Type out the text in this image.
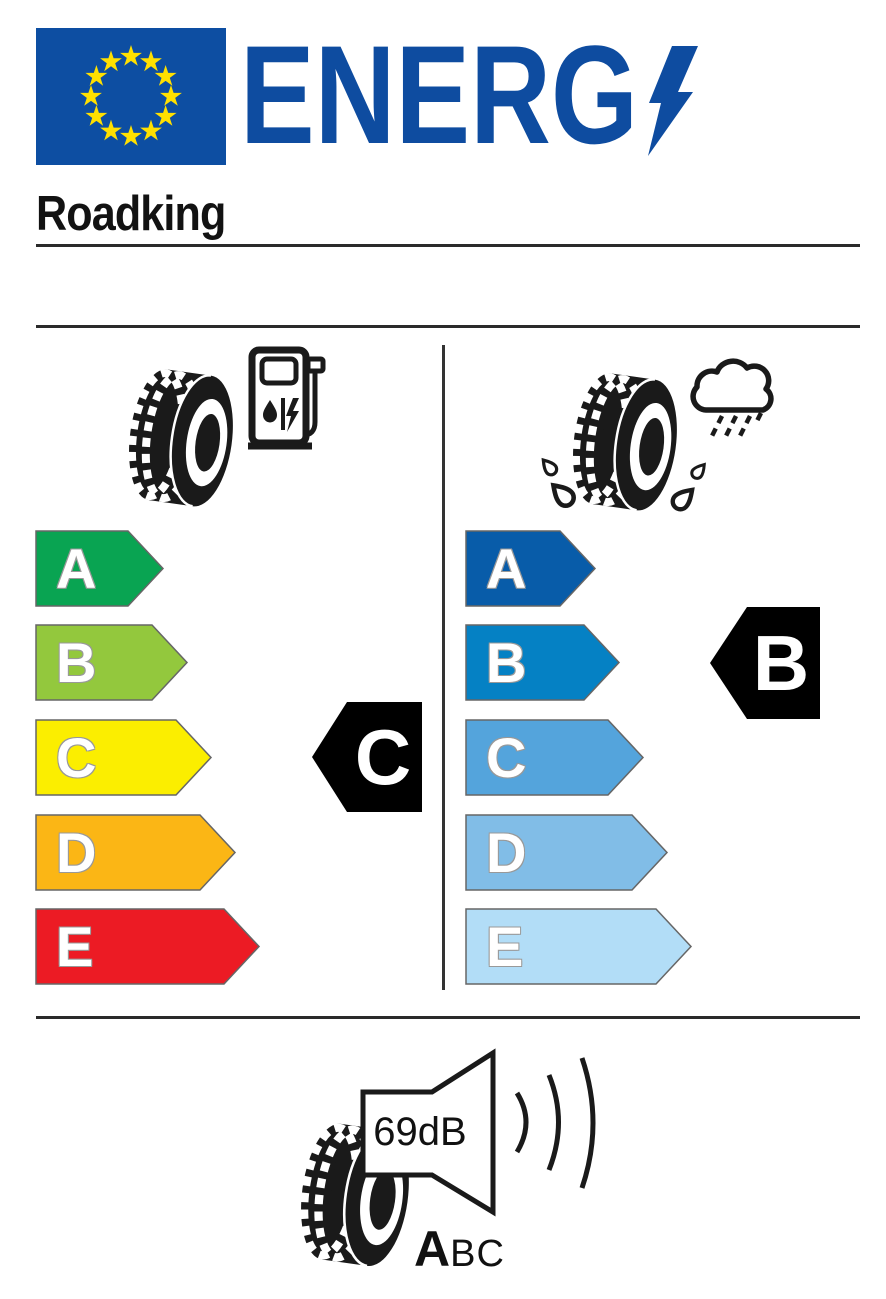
ENERG
Roadking
A
B
C
D
E
C
A
B
C
D
E
B
69dB
A BC
